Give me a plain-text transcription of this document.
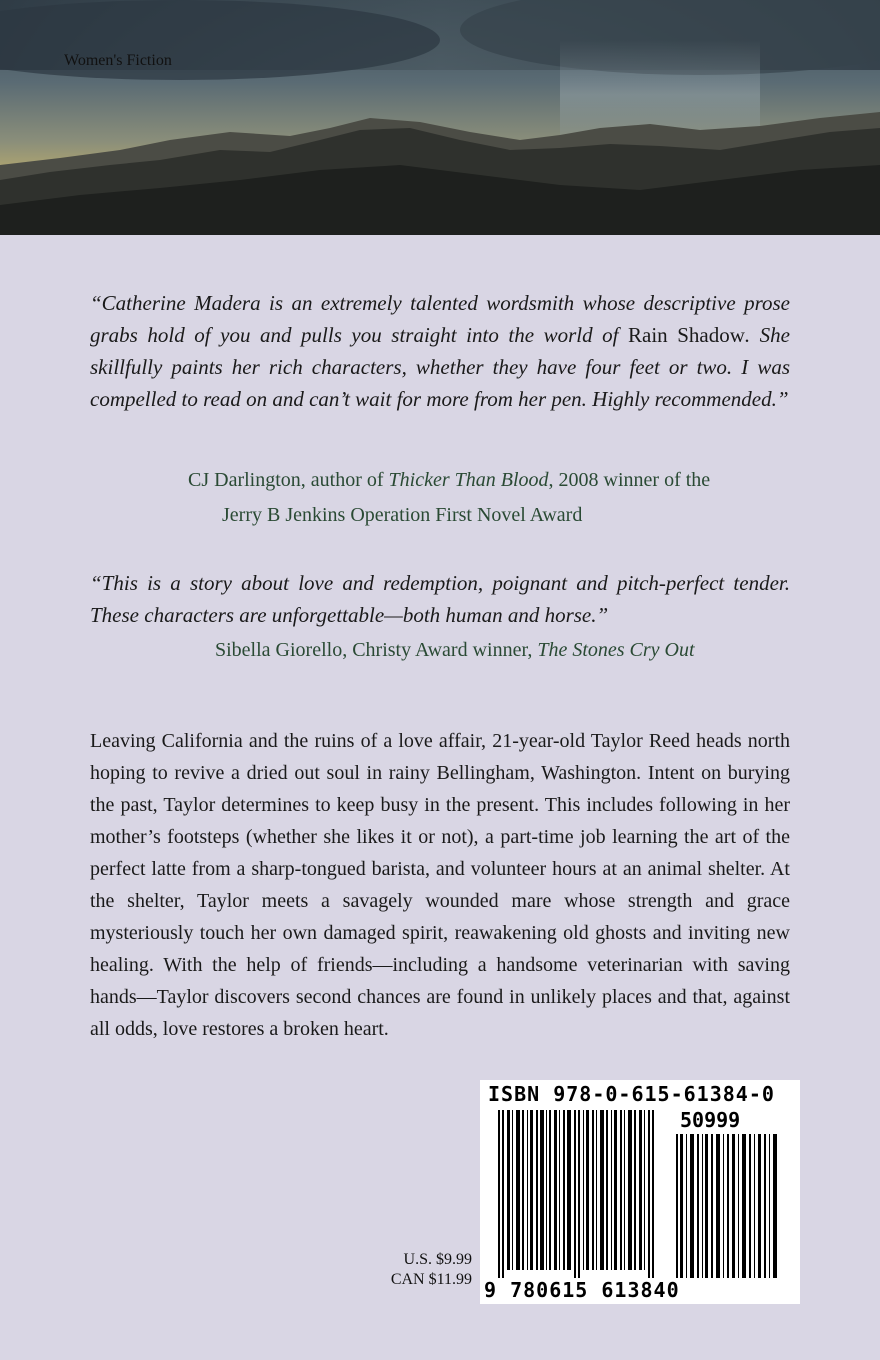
Women's Fiction
“Catherine Madera is an extremely talented wordsmith whose descriptive prose grabs hold of you and pulls you straight into the world of Rain Shadow. She skillfully paints her rich characters, whether they have four feet or two. I was compelled to read on and can’t wait for more from her pen. Highly recommended.”
CJ Darlington, author of Thicker Than Blood, 2008 winner of the
Jerry B Jenkins Operation First Novel Award
“This is a story about love and redemption, poignant and pitch-perfect tender. These characters are unforgettable—both human and horse.”
Sibella Giorello, Christy Award winner, The Stones Cry Out
Leaving California and the ruins of a love affair, 21-year-old Taylor Reed heads north hoping to revive a dried out soul in rainy Bellingham, Washington. Intent on burying the past, Taylor determines to keep busy in the present. This includes following in her mother’s footsteps (whether she likes it or not), a part-time job learning the art of the perfect latte from a sharp-tongued barista, and volunteer hours at an animal shelter. At the shelter, Taylor meets a savagely wounded mare whose strength and grace mysteriously touch her own damaged spirit, reawakening old ghosts and inviting new healing. With the help of friends—including a handsome veterinarian with saving hands—Taylor discovers second chances are found in unlikely places and that, against all odds, love restores a broken heart.
ISBN 978-0-615-61384-0
50999
9 780615 613840
U.S. $9.99
CAN $11.99
